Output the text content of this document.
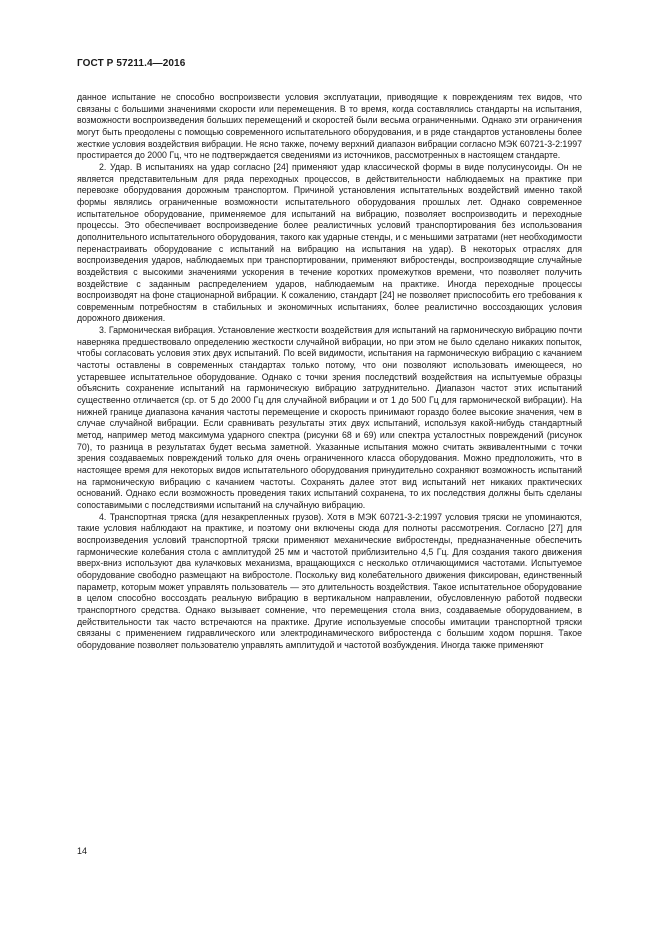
ГОСТ Р 57211.4—2016

данное испытание не способно воспроизвести условия эксплуатации, приводящие к повреждениям тех видов, что связаны с большими значениями скорости или перемещения. В то время, когда составлялись стандарты на испытания, возможности воспроизведения больших перемещений и скоростей были весьма ограниченными. Однако эти ограничения могут быть преодолены с помощью современного испытательного оборудования, и в ряде стандартов установлены более жесткие условия воздействия вибрации. Не ясно также, почему верхний диапазон вибрации согласно МЭК 60721-3-2:1997 простирается до 2000 Гц, что не подтверждается сведениями из источников, рассмотренных в настоящем стандарте.

2. Удар. В испытаниях на удар согласно [24] применяют удар классической формы в виде полусинусоиды. Он не является представительным для ряда переходных процессов, в действительности наблюдаемых на практике при перевозке оборудования дорожным транспортом. Причиной установления испытательных воздействий именно такой формы являлись ограниченные возможности испытательного оборудования прошлых лет. Однако современное испытательное оборудование, применяемое для испытаний на вибрацию, позволяет воспроизводить и переходные процессы. Это обеспечивает воспроизведение более реалистичных условий транспортирования без использования дополнительного испытательного оборудования, такого как ударные стенды, и с меньшими затратами (нет необходимости перенастраивать оборудование с испытаний на вибрацию на испытания на удар). В некоторых отраслях для воспроизведения ударов, наблюдаемых при транспортировании, применяют вибростенды, воспроизводящие случайные воздействия с высокими значениями ускорения в течение коротких промежутков времени, что позволяет получить воздействие с заданным распределением ударов, наблюдаемым на практике. Иногда переходные процессы воспроизводят на фоне стационарной вибрации. К сожалению, стандарт [24] не позволяет приспособить его требования к современным потребностям в стабильных и экономичных испытаниях, более реалистично воссоздающих условия дорожного движения.

3. Гармоническая вибрация. Установление жесткости воздействия для испытаний на гармоническую вибрацию почти наверняка предшествовало определению жесткости случайной вибрации, но при этом не было сделано никаких попыток, чтобы согласовать условия этих двух испытаний. По всей видимости, испытания на гармоническую вибрацию с качанием частоты оставлены в современных стандартах только потому, что они позволяют использовать имеющееся, но устаревшее испытательное оборудование. Однако с точки зрения последствий воздействия на испытуемые образцы объяснить сохранение испытаний на гармоническую вибрацию затруднительно. Диапазон частот этих испытаний существенно отличается (ср. от 5 до 2000 Гц для случайной вибрации и от 1 до 500 Гц для гармонической вибрации). На нижней границе диапазона качания частоты перемещение и скорость принимают гораздо более высокие значения, чем в случае случайной вибрации. Если сравнивать результаты этих двух испытаний, используя какой-нибудь стандартный метод, например метод максимума ударного спектра (рисунки 68 и 69) или спектра усталостных повреждений (рисунок 70), то разница в результатах будет весьма заметной. Указанные испытания можно считать эквивалентными с точки зрения создаваемых повреждений только для очень ограниченного класса оборудования. Можно предположить, что в настоящее время для некоторых видов испытательного оборудования принудительно сохраняют возможность испытаний на гармоническую вибрацию с качанием частоты. Сохранять далее этот вид испытаний нет никаких практических оснований. Однако если возможность проведения таких испытаний сохранена, то их последствия должны быть сделаны сопоставимыми с последствиями испытаний на случайную вибрацию.

4. Транспортная тряска (для незакрепленных грузов). Хотя в МЭК 60721-3-2:1997 условия тряски не упоминаются, такие условия наблюдают на практике, и поэтому они включены сюда для полноты рассмотрения. Согласно [27] для воспроизведения условий транспортной тряски применяют механические вибростенды, предназначенные обеспечить гармонические колебания стола с амплитудой 25 мм и частотой приблизительно 4,5 Гц. Для создания такого движения вверх-вниз используют два кулачковых механизма, вращающихся с несколько отличающимися частотами. Испытуемое оборудование свободно размещают на вибростоле. Поскольку вид колебательного движения фиксирован, единственный параметр, которым может управлять пользователь — это длительность воздействия. Такое испытательное оборудование в целом способно воссоздать реальную вибрацию в вертикальном направлении, обусловленную работой подвески транспортного средства. Однако вызывает сомнение, что перемещения стола вниз, создаваемые оборудованием, в действительности так часто встречаются на практике. Другие используемые способы имитации транспортной тряски связаны с применением гидравлического или электродинамического вибростенда с большим ходом поршня. Такое оборудование позволяет пользователю управлять амплитудой и частотой возбуждения. Иногда также применяют

14
